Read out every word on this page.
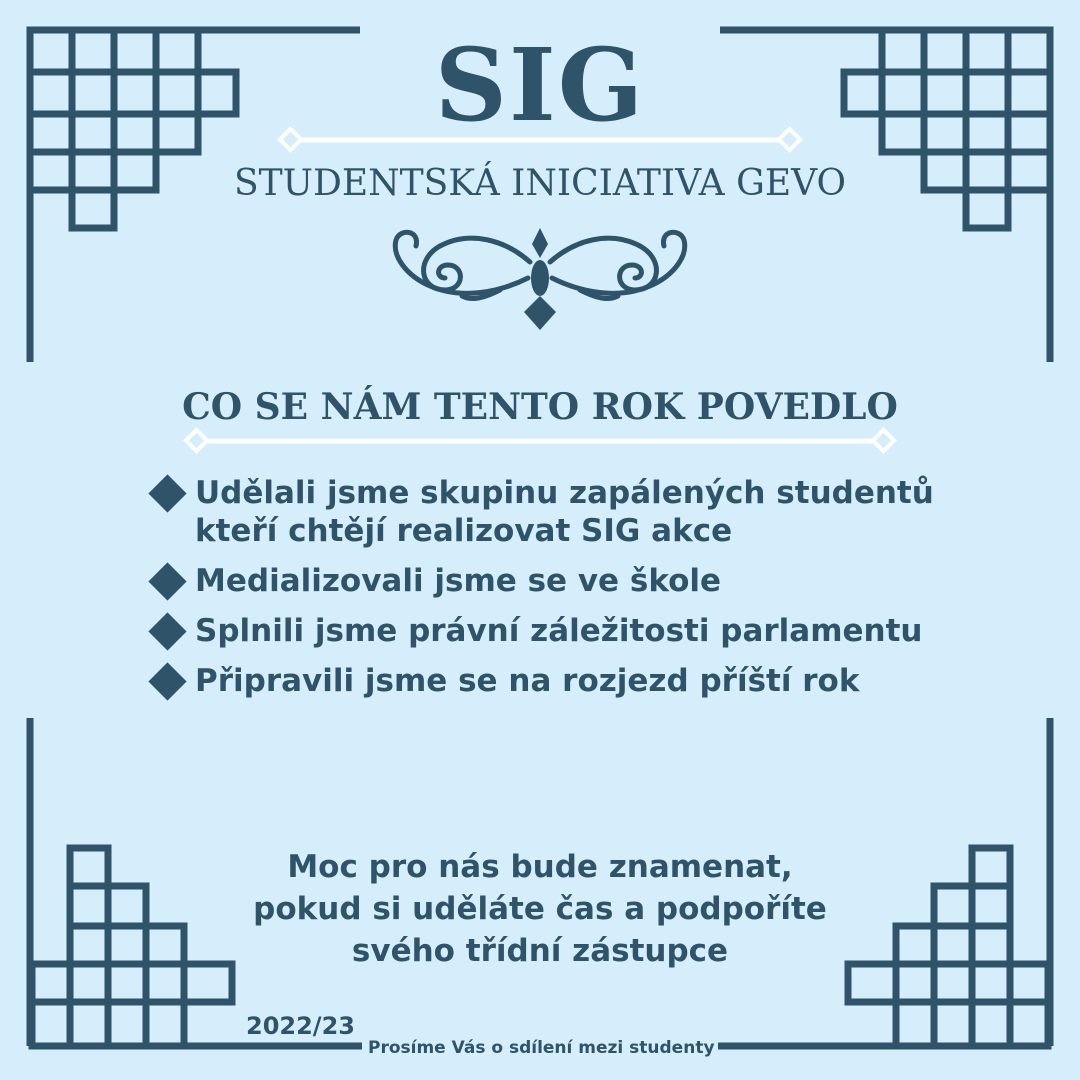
SIG
STUDENTSKÁ INICIATIVA GEVO
CO SE NÁM TENTO ROK POVEDLO
Udělali jsme skupinu zapálených studentů
kteří chtějí realizovat SIG akce
Medializovali jsme se ve škole
Splnili jsme právní záležitosti parlamentu
Připravili jsme se na rozjezd příští rok
Moc pro nás bude znamenat,
pokud si uděláte čas a podpoříte
svého třídní zástupce
2022/23
Prosíme Vás o sdílení mezi studenty
